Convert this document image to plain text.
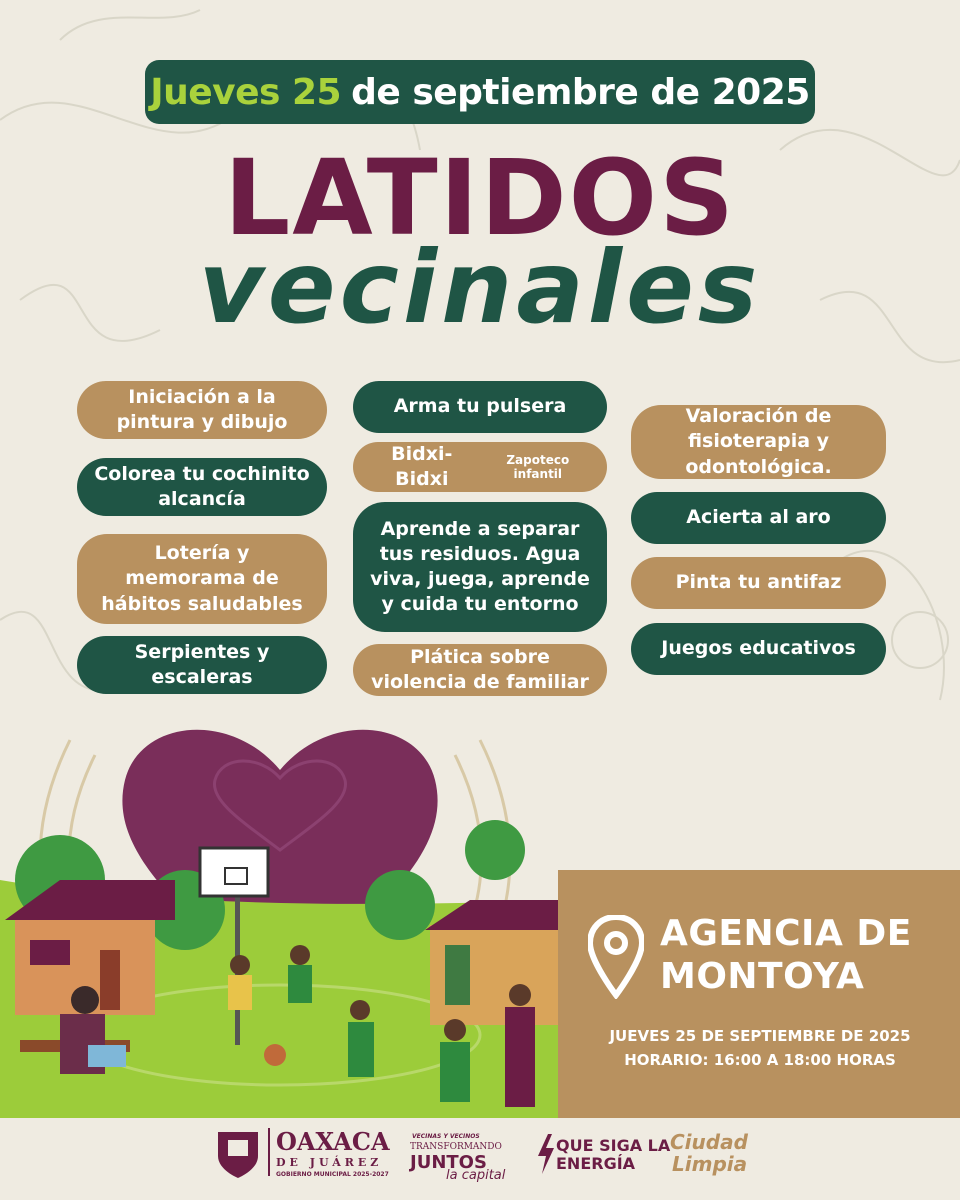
Jueves 25 de septiembre de 2025
LATIDOS
vecinales
Iniciación a la pintura y dibujo
Colorea tu cochinito alcancía
Lotería y memorama de hábitos saludables
Serpientes y escaleras
Arma tu pulsera
Bidxi-Bidxi
Zapoteco infantil
Aprende a separar tus residuos. Agua viva, juega, aprende y cuida tu entorno
Plática sobre violencia de familiar
Valoración de fisioterapia y odontológica.
Acierta al aro
Pinta tu antifaz
Juegos educativos
AGENCIA DE
MONTOYA
JUEVES 25 DE SEPTIEMBRE DE 2025
HORARIO: 16:00 A 18:00 HORAS
OAXACA
DE JUÁREZ
GOBIERNO MUNICIPAL 2025-2027
VECINAS Y VECINOS
TRANSFORMANDO
JUNTOS
la capital
QUE SIGA LA
ENERGÍA
Ciudad
Limpia
